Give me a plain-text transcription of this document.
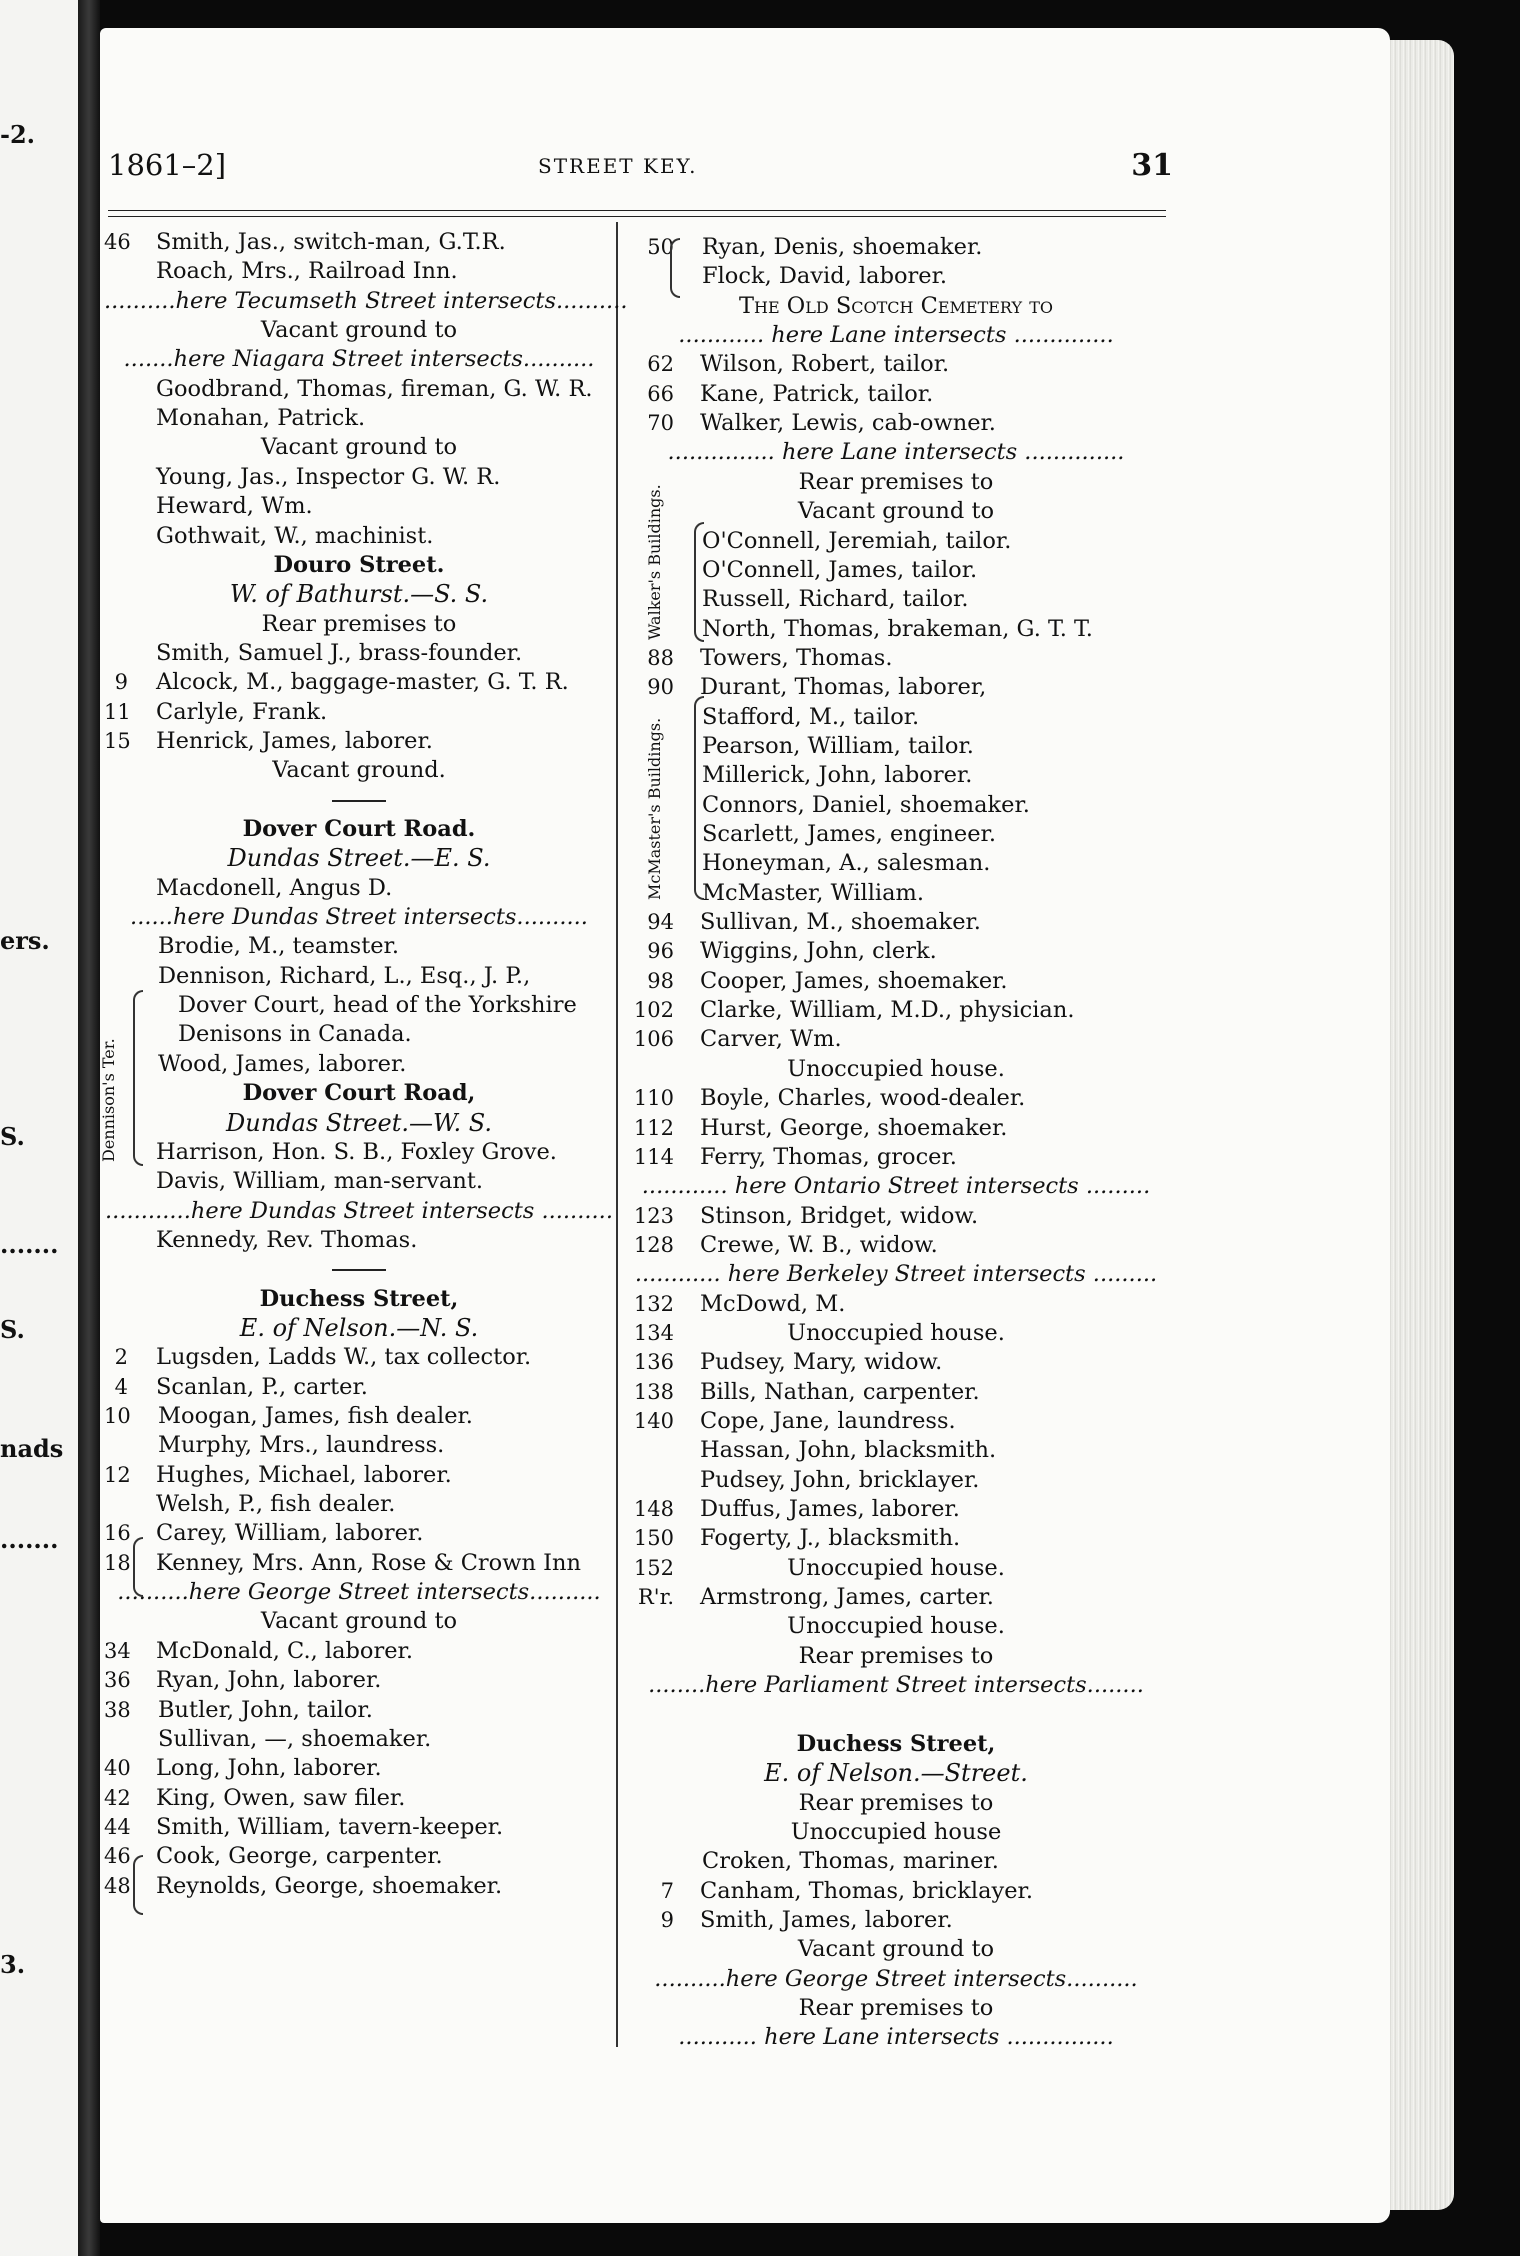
-2.
ers.
S.
.......
S.
nads
.......
3.
1861–2]	STREET KEY.	31
46 Smith, Jas., switch-man, G.T.R.
Roach, Mrs., Railroad Inn.
..........here Tecumseth Street intersects..........
Vacant ground to
.......here Niagara Street intersects..........
Goodbrand, Thomas, fireman, G. W. R.
Monahan, Patrick.
Vacant ground to
Young, Jas., Inspector G. W. R.
Heward, Wm.
Gothwait, W., machinist.
Douro Street.
W. of Bathurst.—S. S.
Rear premises to
Smith, Samuel J., brass-founder.
9 Alcock, M., baggage-master, G. T. R.
11 Carlyle, Frank.
15 Henrick, James, laborer.
Vacant ground.
Dover Court Road.
Dundas Street.—E. S.
Macdonell, Angus D.
......here Dundas Street intersects..........
Brodie, M., teamster.
Dennison, Richard, L., Esq., J. P.,
Dover Court, head of the Yorkshire
Denisons in Canada.
Wood, James, laborer.
Dover Court Road,
Dundas Street.—W. S.
Harrison, Hon. S. B., Foxley Grove.
Davis, William, man-servant.
............here Dundas Street intersects ..........
Kennedy, Rev. Thomas.
Duchess Street,
E. of Nelson.—N. S.
2 Lugsden, Ladds W., tax collector.
4 Scanlan, P., carter.
10 Moogan, James, fish dealer.
Murphy, Mrs., laundress.
12 Hughes, Michael, laborer.
Welsh, P., fish dealer.
16 Carey, William, laborer.
18 Kenney, Mrs. Ann, Rose & Crown Inn
..........here George Street intersects..........
Vacant ground to
34 McDonald, C., laborer.
36 Ryan, John, laborer.
38 Butler, John, tailor.
Sullivan, —, shoemaker.
40 Long, John, laborer.
42 King, Owen, saw filer.
44 Smith, William, tavern-keeper.
46 Cook, George, carpenter.
48 Reynolds, George, shoemaker.
50 Ryan, Denis, shoemaker.
Flock, David, laborer.
The Old Scotch Cemetery to
............ here Lane intersects ..............
62 Wilson, Robert, tailor.
66 Kane, Patrick, tailor.
70 Walker, Lewis, cab-owner.
............... here Lane intersects ..............
Rear premises to
Vacant ground to
O'Connell, Jeremiah, tailor.
O'Connell, James, tailor.
Russell, Richard, tailor.
North, Thomas, brakeman, G. T. T.
88 Towers, Thomas.
90 Durant, Thomas, laborer,
Stafford, M., tailor.
Pearson, William, tailor.
Millerick, John, laborer.
Connors, Daniel, shoemaker.
Scarlett, James, engineer.
Honeyman, A., salesman.
McMaster, William.
94 Sullivan, M., shoemaker.
96 Wiggins, John, clerk.
98 Cooper, James, shoemaker.
102 Clarke, William, M.D., physician.
106 Carver, Wm.
Unoccupied house.
110 Boyle, Charles, wood-dealer.
112 Hurst, George, shoemaker.
114 Ferry, Thomas, grocer.
............ here Ontario Street intersects .........
123 Stinson, Bridget, widow.
128 Crewe, W. B., widow.
............ here Berkeley Street intersects .........
132 McDowd, M.
134	Unoccupied house.
136 Pudsey, Mary, widow.
138 Bills, Nathan, carpenter.
140 Cope, Jane, laundress.
Hassan, John, blacksmith.
Pudsey, John, bricklayer.
148 Duffus, James, laborer.
150 Fogerty, J., blacksmith.
152	Unoccupied house.
R'r. Armstrong, James, carter.
Unoccupied house.
Rear premises to
........here Parliament Street intersects........
Duchess Street,
E. of Nelson.—Street.
Rear premises to
Unoccupied house
Croken, Thomas, mariner.
7 Canham, Thomas, bricklayer.
9 Smith, James, laborer.
Vacant ground to
..........here George Street intersects..........
Rear premises to
........... here Lane intersects ...............
Dennison's Ter.
Walker's Buildings.
McMaster's Buildings.
